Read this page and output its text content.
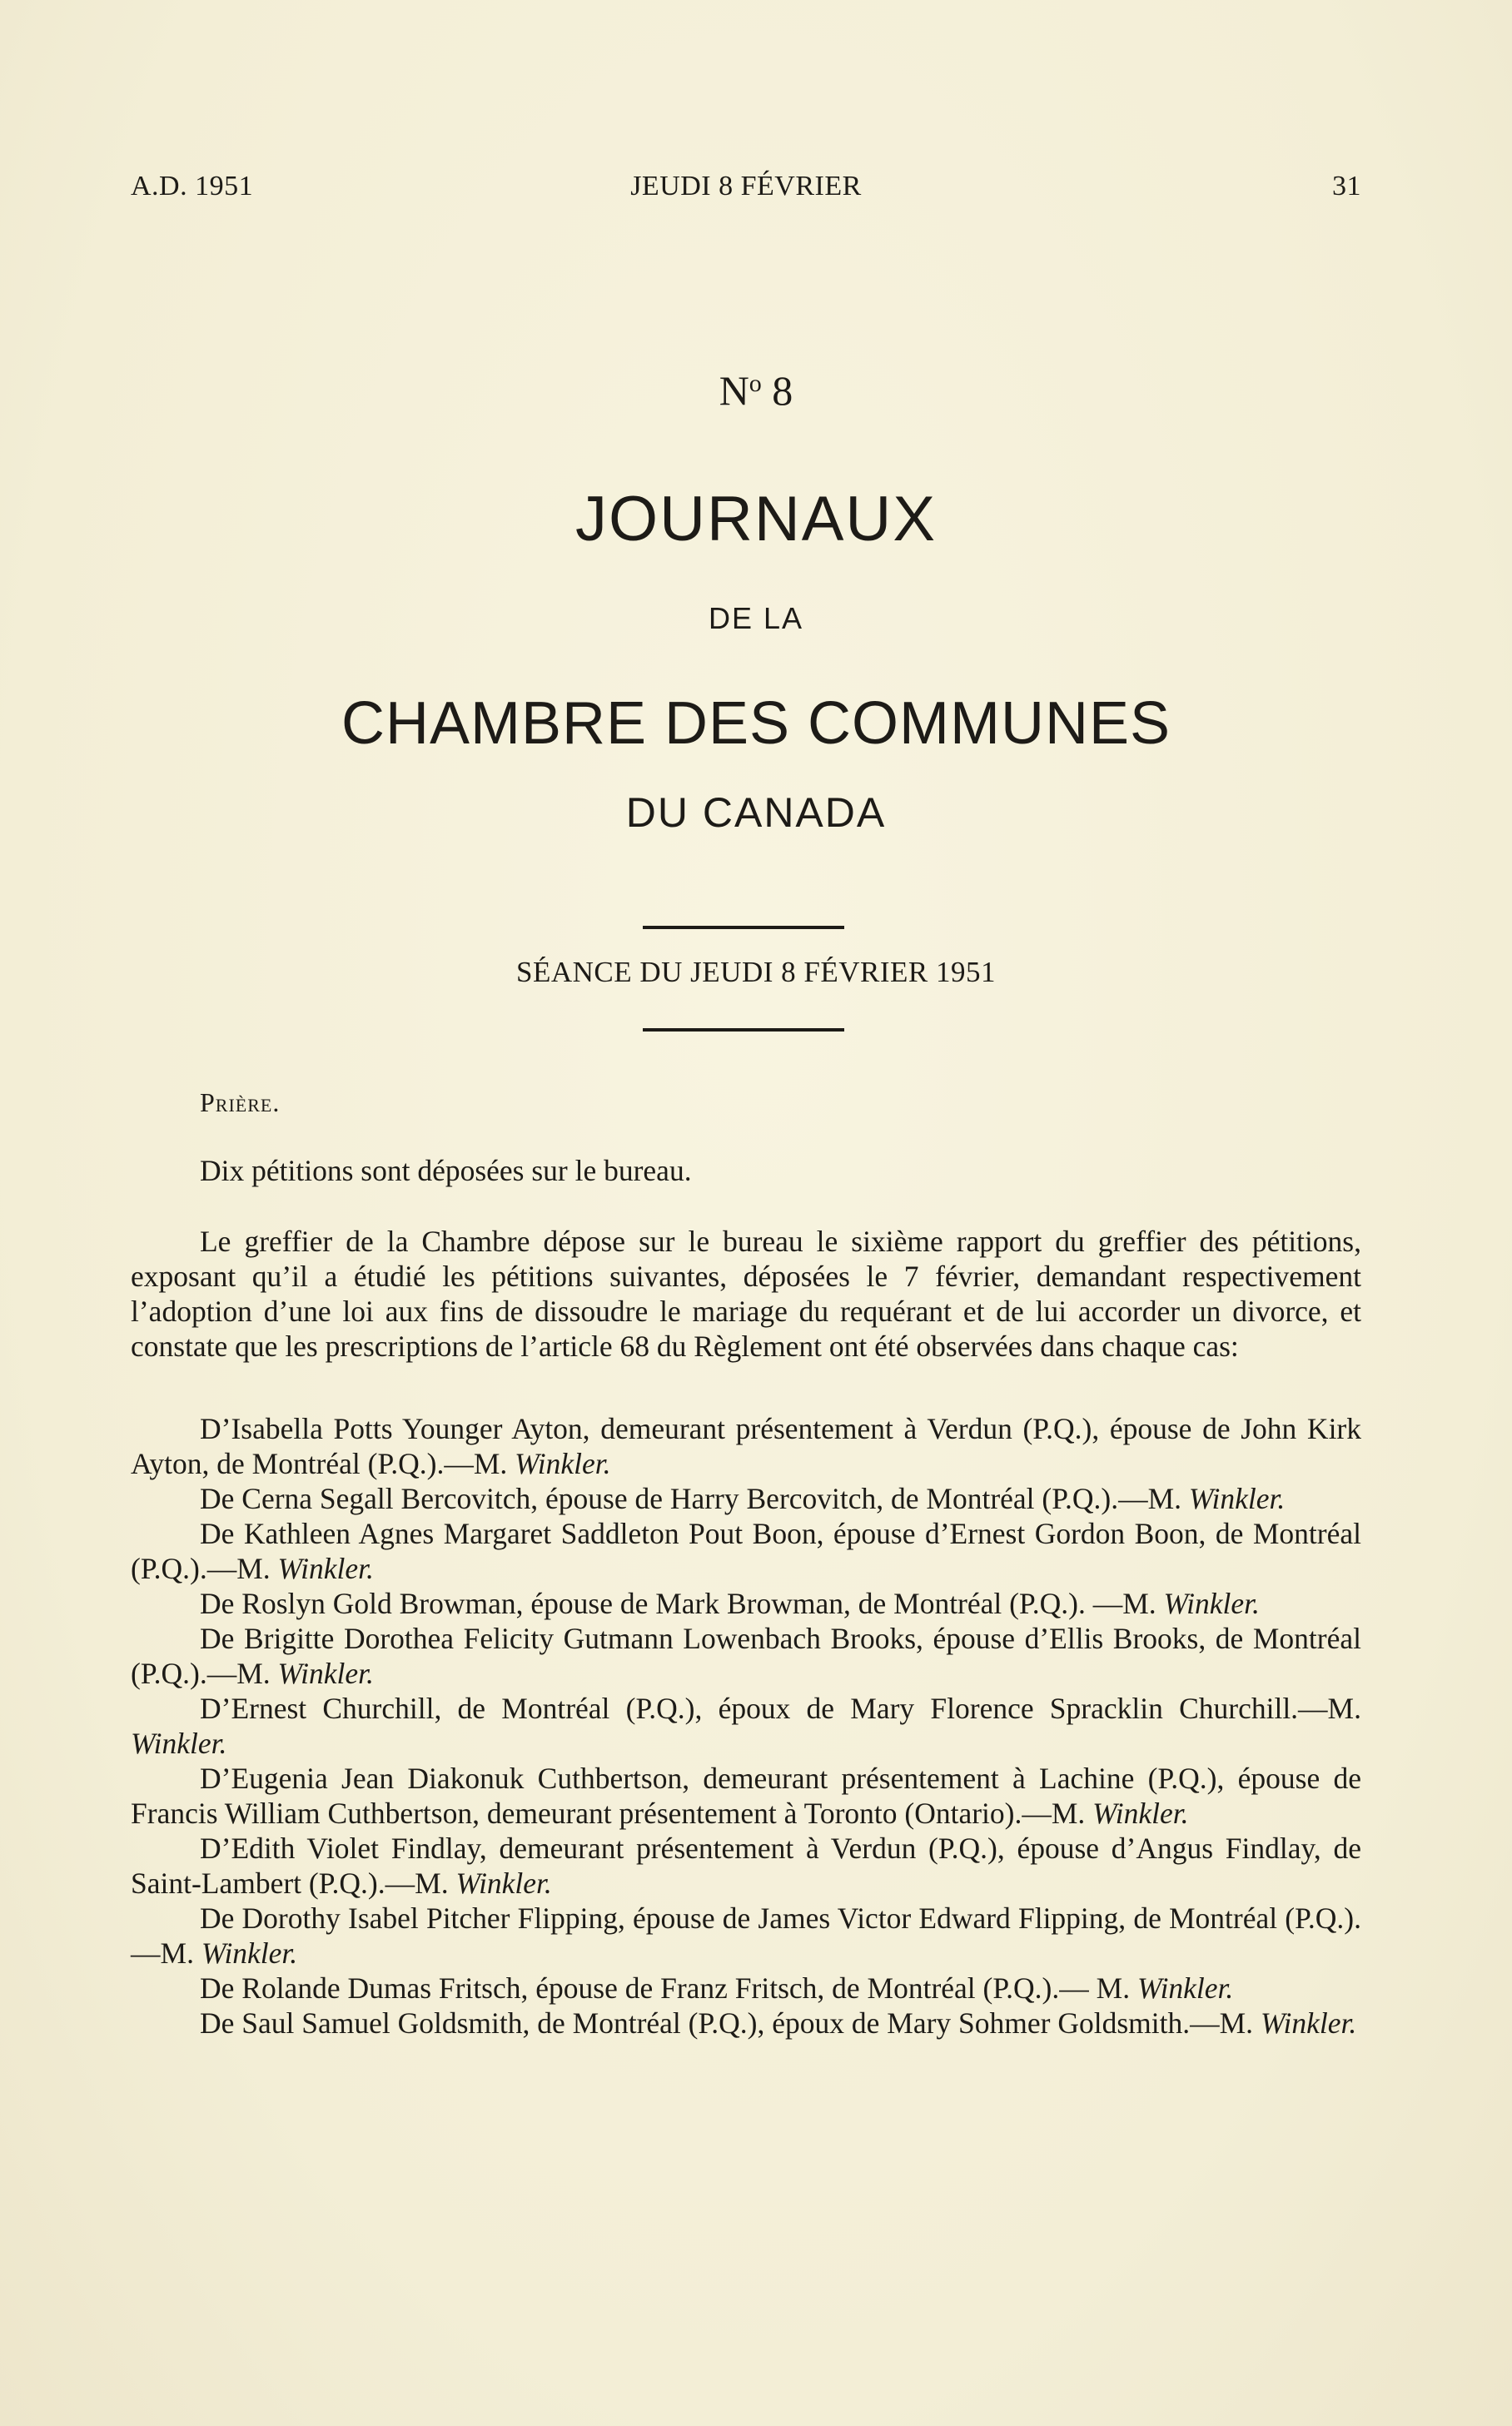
A.D. 1951	JEUDI 8 FÉVRIER	31
$N^o$ 8
JOURNAUX
DE LA
CHAMBRE DES COMMUNES
DU CANADA
SÉANCE DU JEUDI 8 FÉVRIER 1951
Prière.

Dix pétitions sont déposées sur le bureau.

Le greffier de la Chambre dépose sur le bureau le sixième rapport du greffier des pétitions, exposant qu’il a étudié les pétitions suivantes, déposées le 7 février, demandant respectivement l’adoption d’une loi aux fins de dissoudre le mariage du requérant et de lui accorder un divorce, et constate que les prescriptions de l’article 68 du Règlement ont été observées dans chaque cas:

D’Isabella Potts Younger Ayton, demeurant présentement à Verdun (P.Q.), épouse de John Kirk Ayton, de Montréal (P.Q.).—M. Winkler.

De Cerna Segall Bercovitch, épouse de Harry Bercovitch, de Montréal (P.Q.).—M. Winkler.

De Kathleen Agnes Margaret Saddleton Pout Boon, épouse d’Ernest Gordon Boon, de Montréal (P.Q.).—M. Winkler.

De Roslyn Gold Browman, épouse de Mark Browman, de Montréal (P.Q.). —M. Winkler.

De Brigitte Dorothea Felicity Gutmann Lowenbach Brooks, épouse d’Ellis Brooks, de Montréal (P.Q.).—M. Winkler.

D’Ernest Churchill, de Montréal (P.Q.), époux de Mary Florence Spracklin Churchill.—M. Winkler.

D’Eugenia Jean Diakonuk Cuthbertson, demeurant présentement à Lachine (P.Q.), épouse de Francis William Cuthbertson, demeurant présentement à Toronto (Ontario).—M. Winkler.

D’Edith Violet Findlay, demeurant présentement à Verdun (P.Q.), épouse d’Angus Findlay, de Saint-Lambert (P.Q.).—M. Winkler.

De Dorothy Isabel Pitcher Flipping, épouse de James Victor Edward Flipping, de Montréal (P.Q.).—M. Winkler.

De Rolande Dumas Fritsch, épouse de Franz Fritsch, de Montréal (P.Q.).— M. Winkler.

De Saul Samuel Goldsmith, de Montréal (P.Q.), époux de Mary Sohmer Goldsmith.—M. Winkler.
